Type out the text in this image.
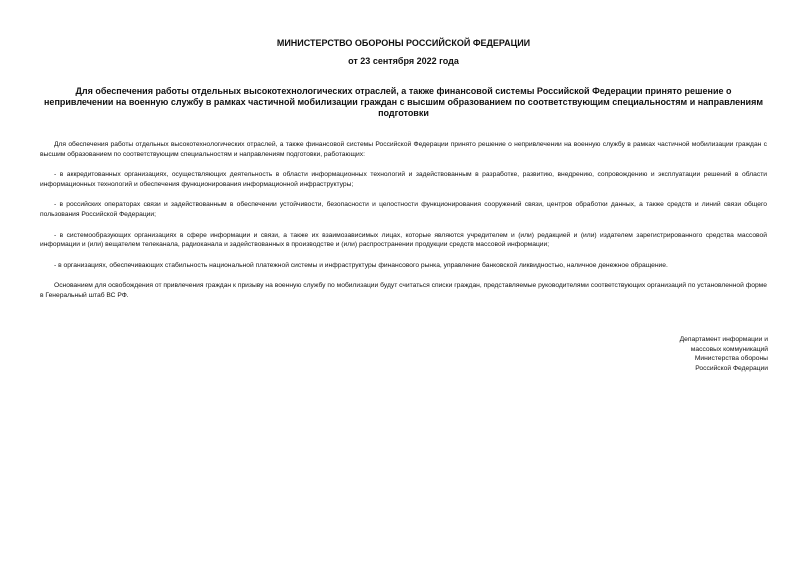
МИНИСТЕРСТВО ОБОРОНЫ РОССИЙСКОЙ ФЕДЕРАЦИИ
от 23 сентября 2022 года
Для обеспечения работы отдельных высокотехнологических отраслей, а также финансовой системы Российской Федерации принято решение о непривлечении на военную службу в рамках частичной мобилизации граждан с высшим образованием по соответствующим специальностям и направлениям подготовки

Для обеспечения работы отдельных высокотехнологических отраслей, а также финансовой системы Российской Федерации принято решение о непривлечении на военную службу в рамках частичной мобилизации граждан с высшим образованием по соответствующим специальностям и направлениям подготовки, работающих:

- в аккредитованных организациях, осуществляющих деятельность в области информационных технологий и задействованным в разработке, развитию, внедрению, сопровождению и эксплуатации решений в области информационных технологий и обеспечения функционирования информационной инфраструктуры;

- в российских операторах связи и задействованным в обеспечении устойчивости, безопасности и целостности функционирования сооружений связи, центров обработки данных, а также средств и линий связи общего пользования Российской Федерации;

- в системообразующих организациях в сфере информации и связи, а также их взаимозависимых лицах, которые являются учредителем и (или) редакцией и (или) издателем зарегистрированного средства массовой информации и (или) вещателем телеканала, радиоканала и задействованных в производстве и (или) распространении продукции средств массовой информации;

- в организациях, обеспечивающих стабильность национальной платежной системы и инфраструктуры финансового рынка, управление банковской ликвидностью, наличное денежное обращение.

Основанием для освобождения от привлечения граждан к призыву на военную службу по мобилизации будут считаться списки граждан, представляемые руководителями соответствующих организаций по установленной форме в Генеральный штаб ВС РФ.

Департамент информации и
массовых коммуникаций
Министерства обороны
Российской Федерации
